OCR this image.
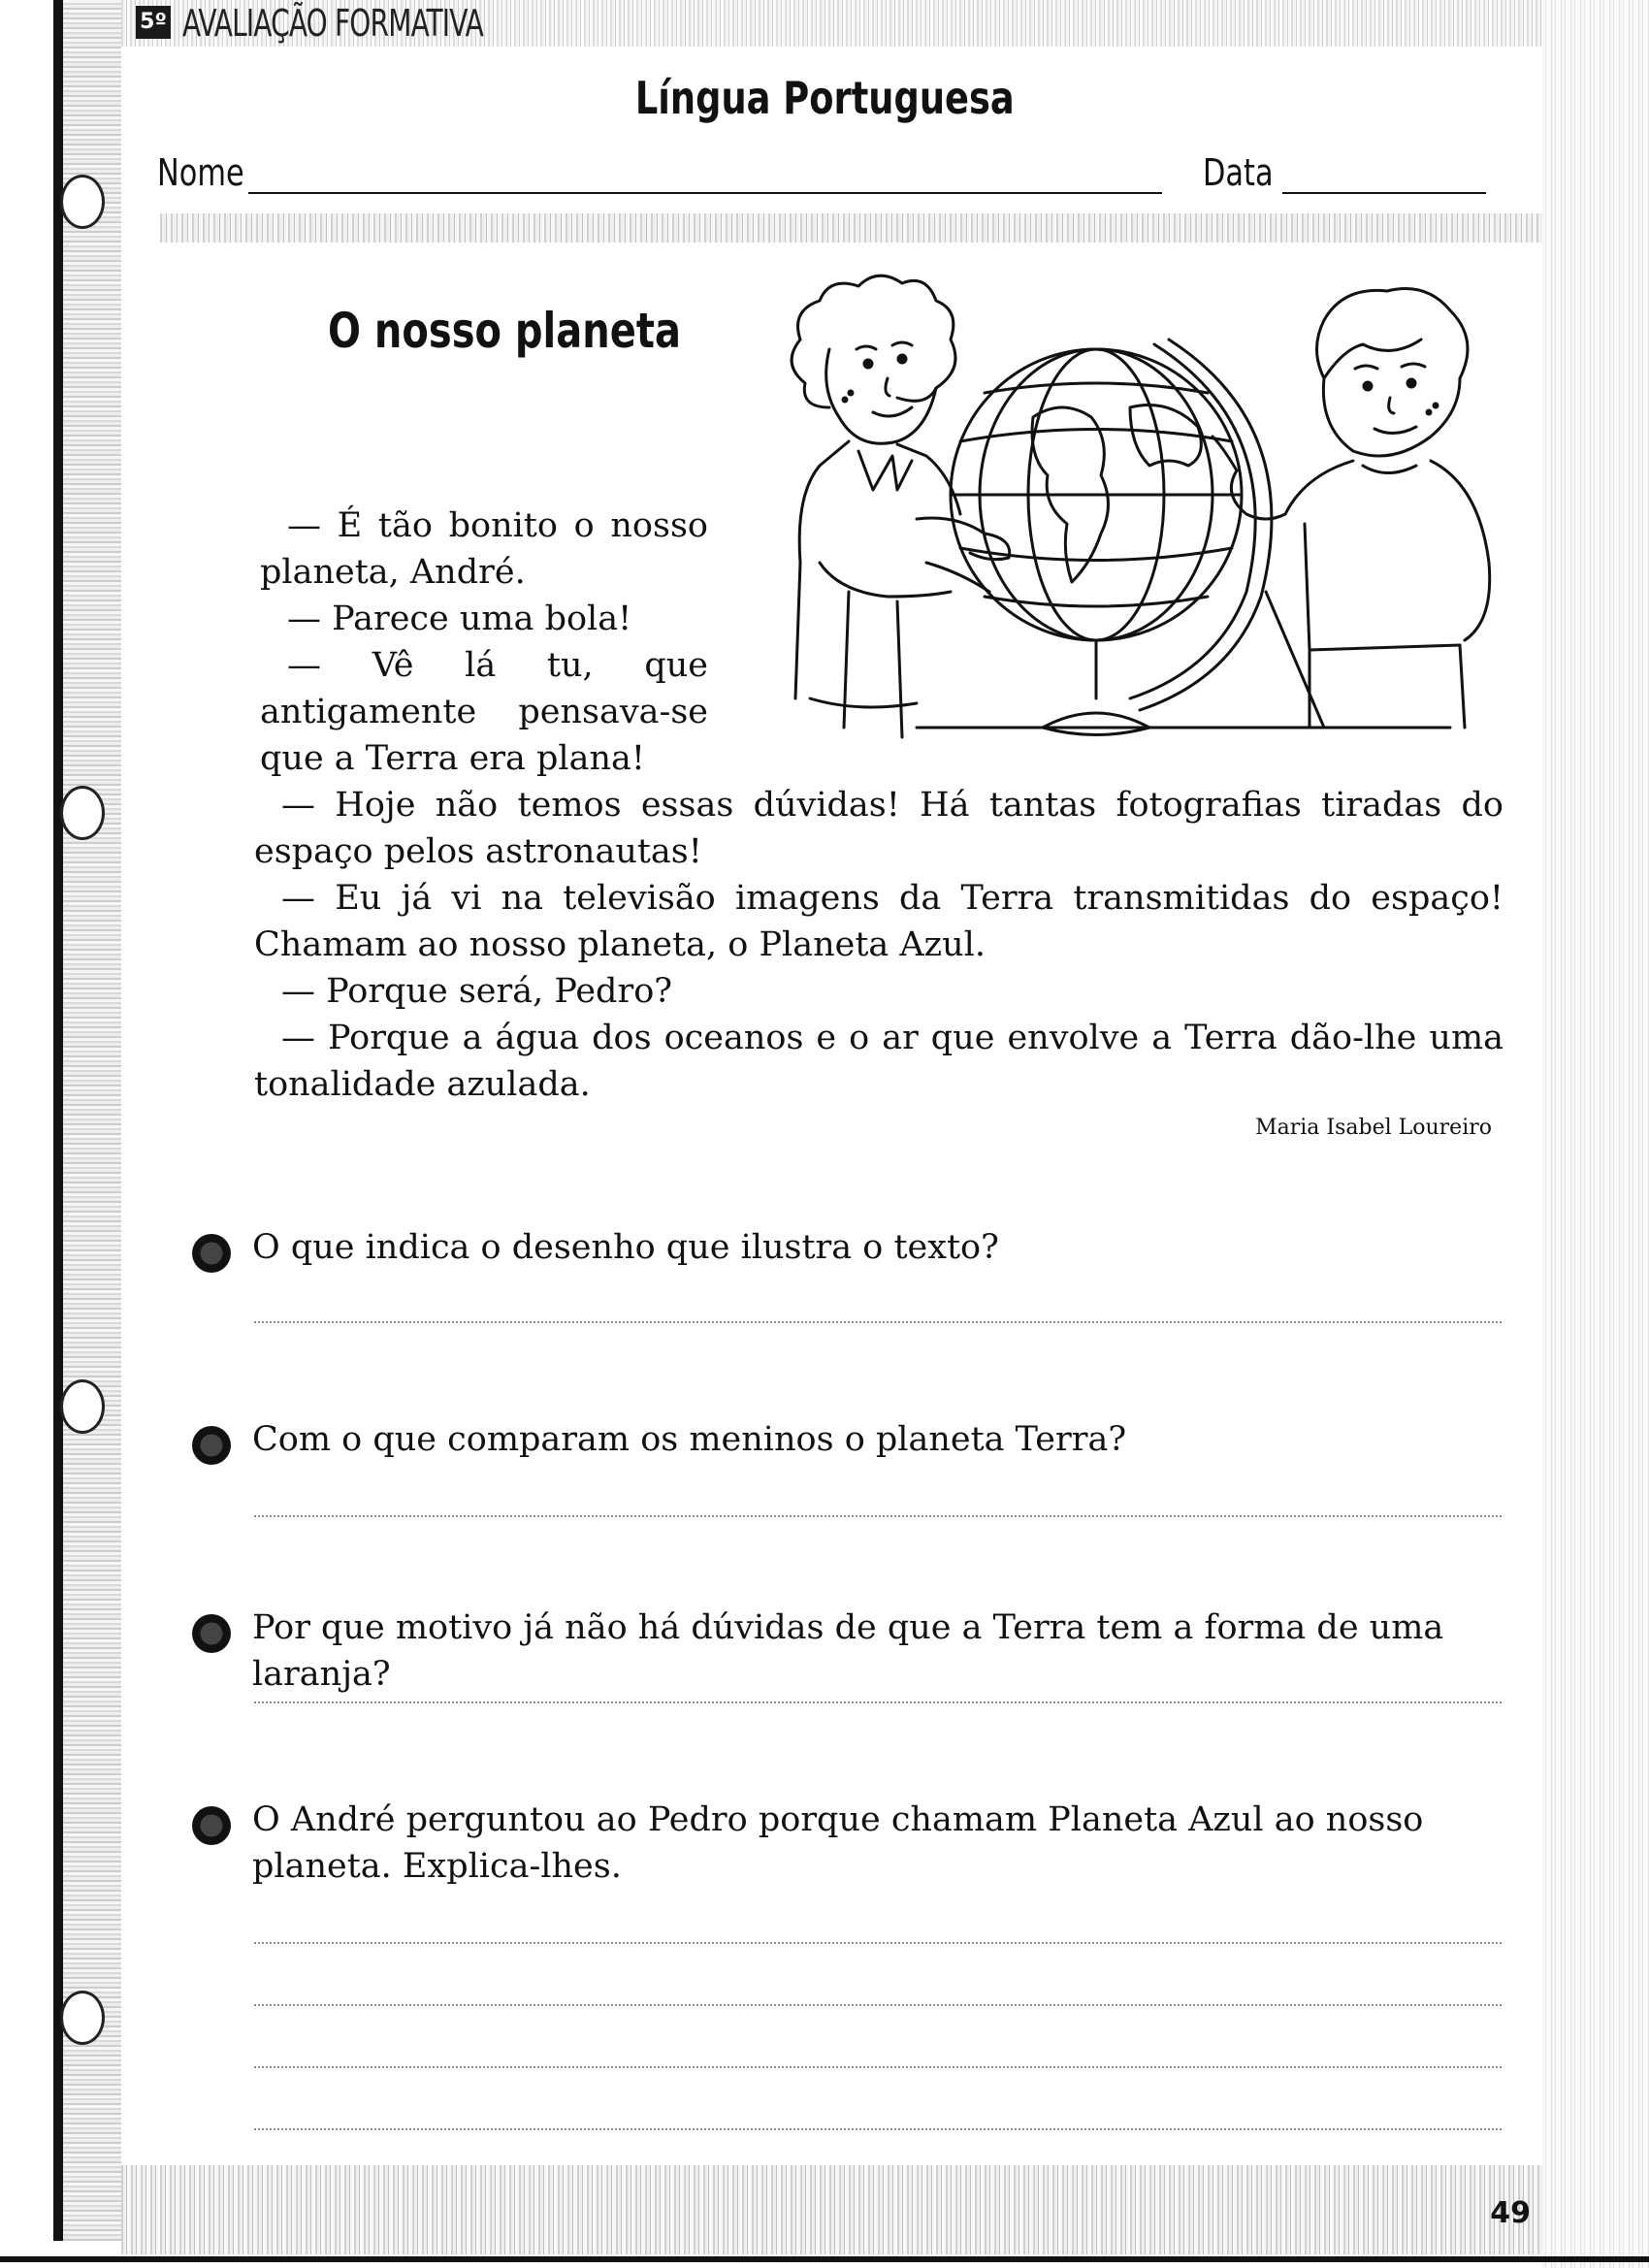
5º AVALIAÇÃO FORMATIVA
Língua Portuguesa
Nome	Data
O nosso planeta

— É tão bonito o nosso planeta, André.

— Parece uma bola!

— Vê lá tu, que antigamente pensava-se que a Terra era plana!

— Hoje não temos essas dúvidas! Há tantas fotografias tiradas do espaço pelos astronautas!

— Eu já vi na televisão imagens da Terra transmitidas do espaço! Chamam ao nosso planeta, o Planeta Azul.

— Porque será, Pedro?

— Porque a água dos oceanos e o ar que envolve a Terra dão-lhe uma tonalidade azulada.

Maria Isabel Loureiro
O que indica o desenho que ilustra o texto?
Com o que comparam os meninos o planeta Terra?
Por que motivo já não há dúvidas de que a Terra tem a forma de uma laranja?
O André perguntou ao Pedro porque chamam Planeta Azul ao nosso planeta. Explica-lhes.
49
